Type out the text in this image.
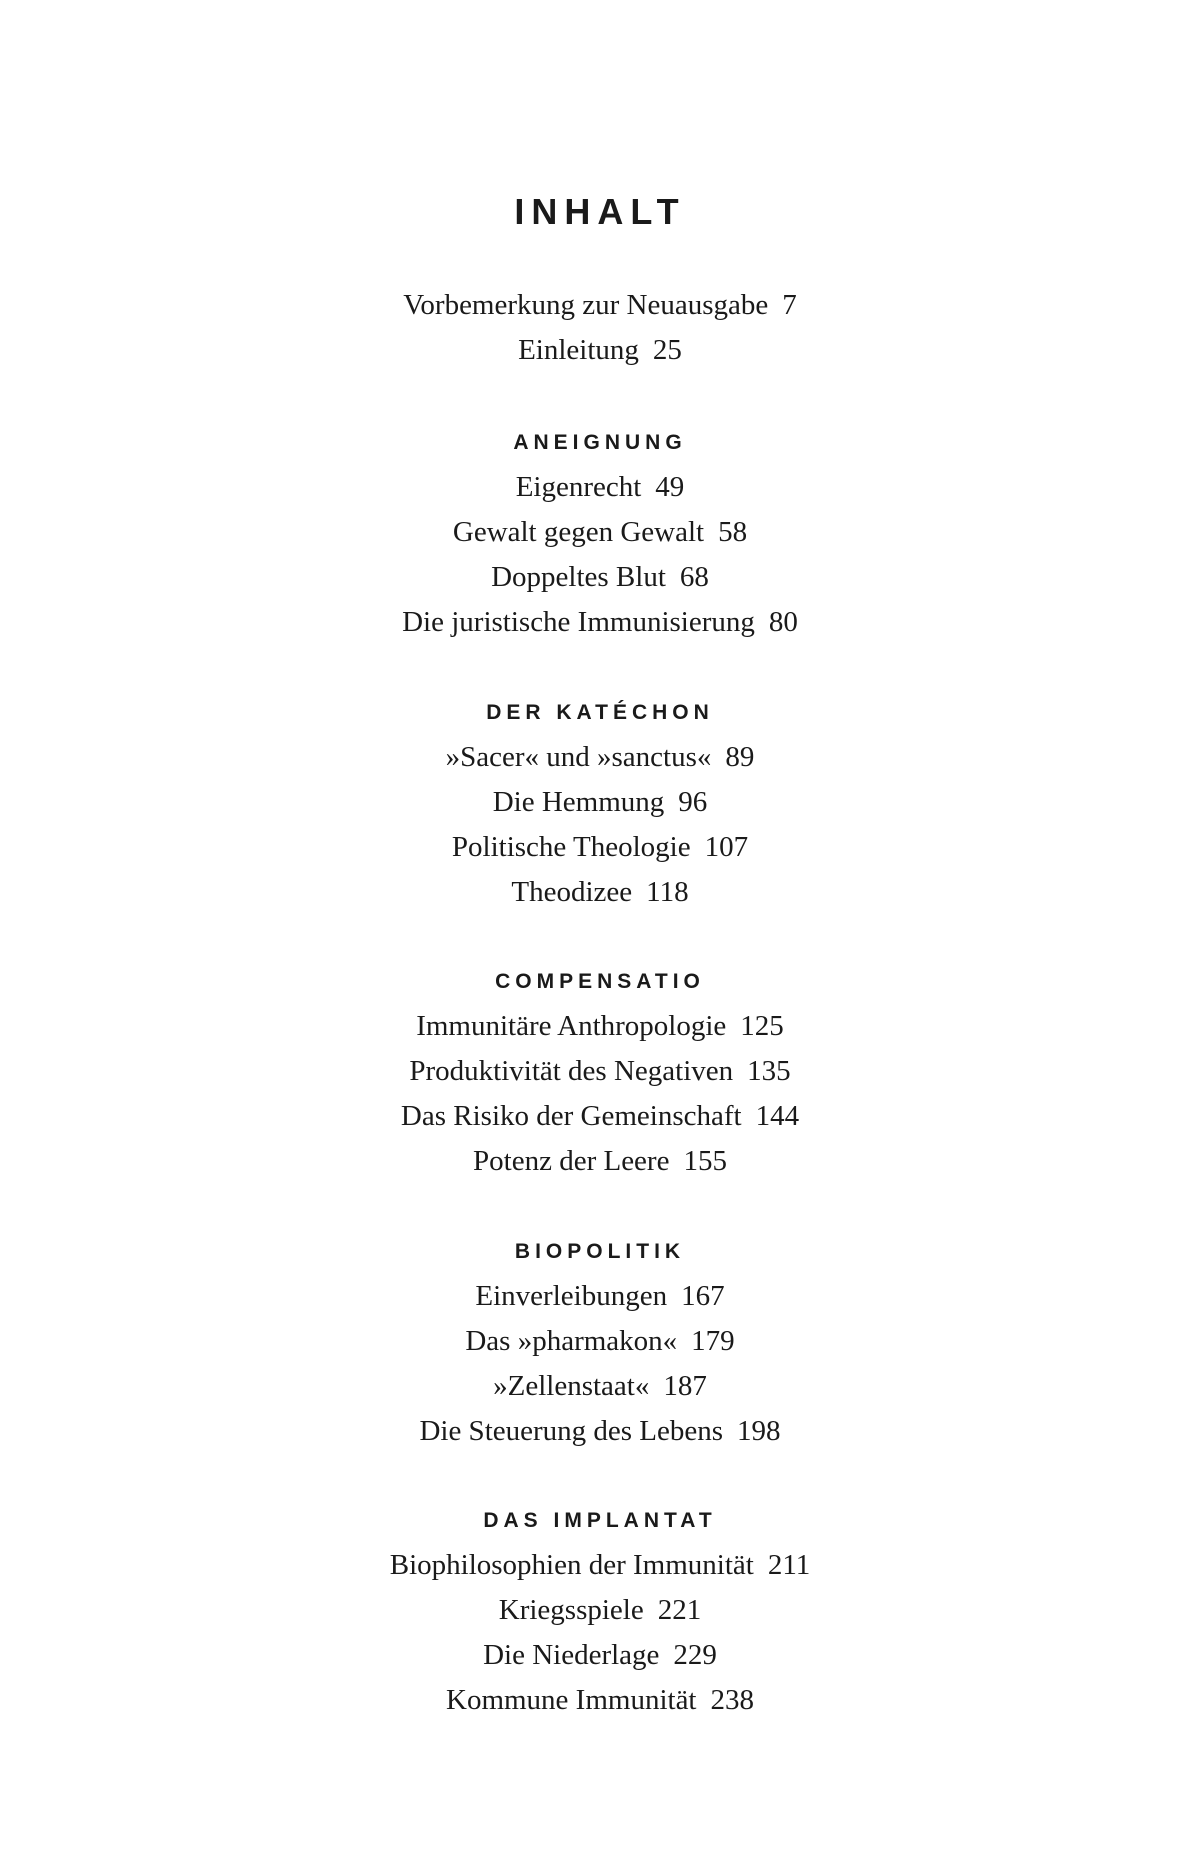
INHALT
Vorbemerkung zur Neuausgabe 7
Einleitung 25
ANEIGNUNG
Eigenrecht 49
Gewalt gegen Gewalt 58
Doppeltes Blut 68
Die juristische Immunisierung 80
DER KATÉCHON
»Sacer« und »sanctus« 89
Die Hemmung 96
Politische Theologie 107
Theodizee 118
COMPENSATIO
Immunitäre Anthropologie 125
Produktivität des Negativen 135
Das Risiko der Gemeinschaft 144
Potenz der Leere 155
BIOPOLITIK
Einverleibungen 167
Das »pharmakon« 179
»Zellenstaat« 187
Die Steuerung des Lebens 198
DAS IMPLANTAT
Biophilosophien der Immunität 211
Kriegsspiele 221
Die Niederlage 229
Kommune Immunität 238
